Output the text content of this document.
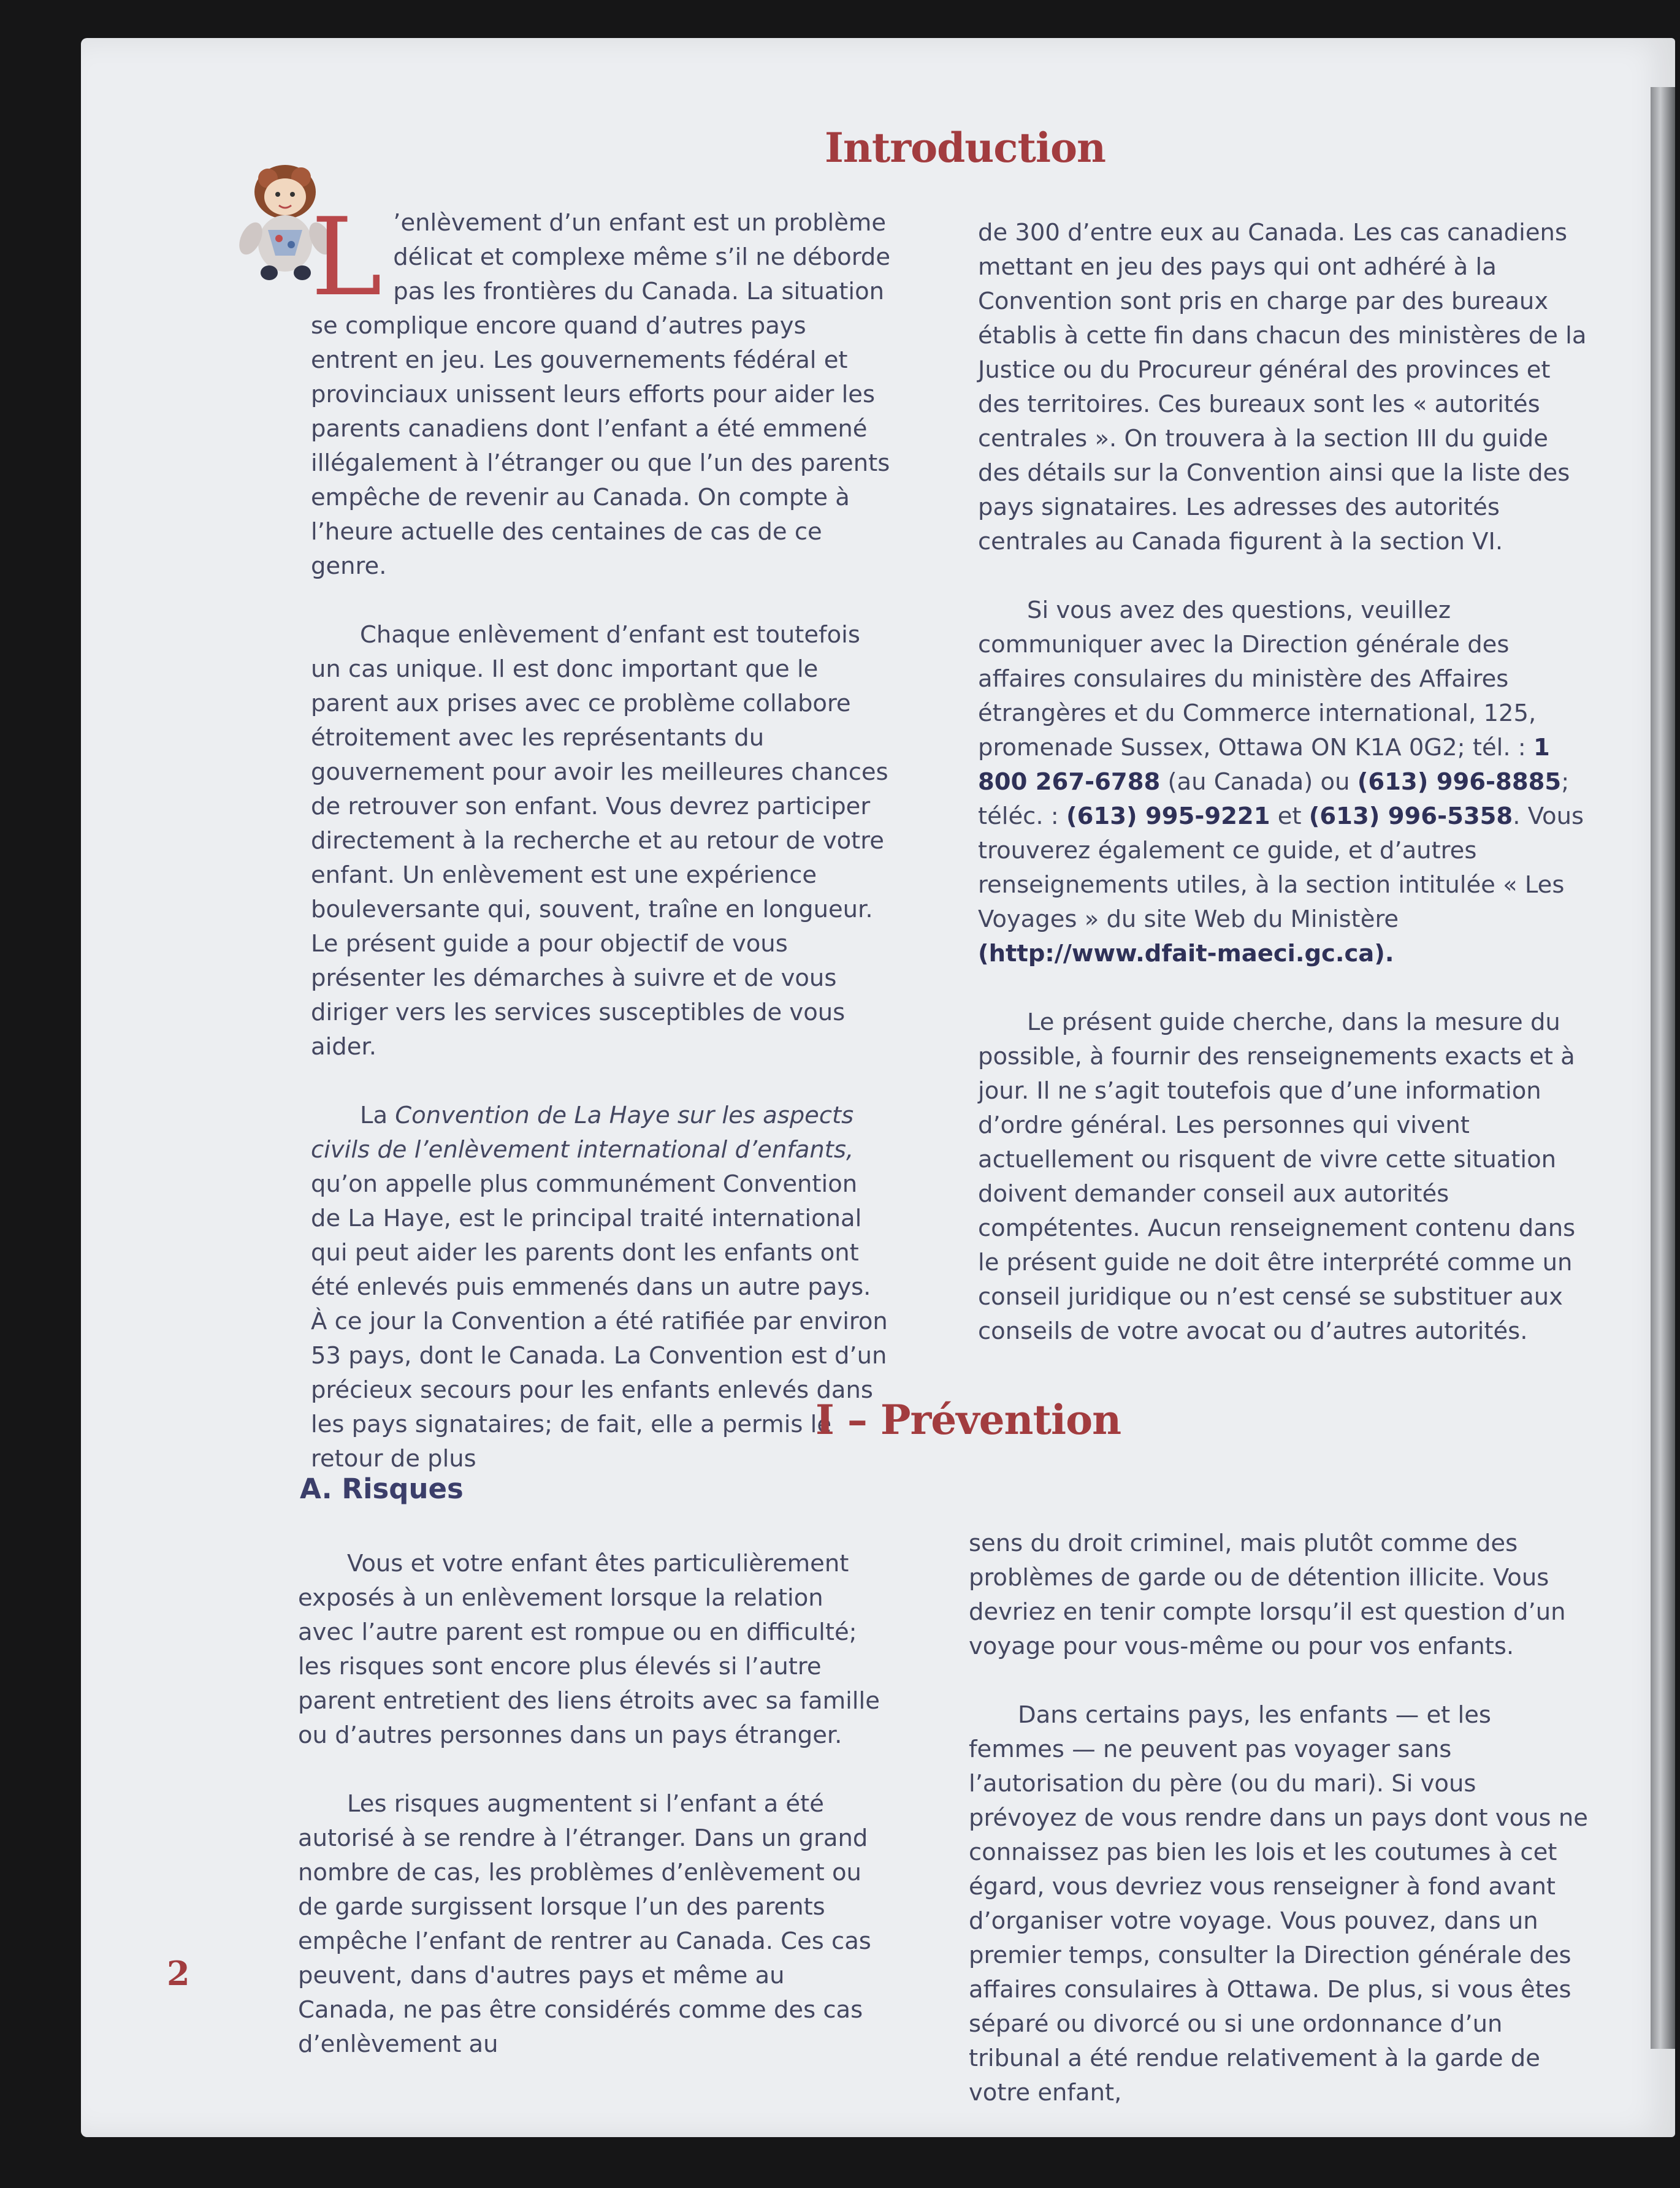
Introduction

L ’enlèvement d’un enfant est un problème délicat et complexe même s’il ne déborde pas les frontières du Canada. La situation se complique encore quand d’autres pays entrent en jeu. Les gouvernements fédéral et provinciaux unissent leurs efforts pour aider les parents canadiens dont l’enfant a été emmené illégalement à l’étranger ou que l’un des parents empêche de revenir au Canada. On compte à l’heure actuelle des centaines de cas de ce genre.

Chaque enlèvement d’enfant est toutefois un cas unique. Il est donc important que le parent aux prises avec ce problème collabore étroitement avec les représentants du gouvernement pour avoir les meilleures chances de retrouver son enfant. Vous devrez participer directement à la recherche et au retour de votre enfant. Un enlèvement est une expérience bouleversante qui, souvent, traîne en longueur. Le présent guide a pour objectif de vous présenter les démarches à suivre et de vous diriger vers les services susceptibles de vous aider.

La Convention de La Haye sur les aspects civils de l’enlèvement international d’enfants, qu’on appelle plus communément Convention de La Haye, est le principal traité international qui peut aider les parents dont les enfants ont été enlevés puis emmenés dans un autre pays. À ce jour la Convention a été ratifiée par environ 53 pays, dont le Canada. La Convention est d’un précieux secours pour les enfants enlevés dans les pays signataires; de fait, elle a permis le retour de plus

de 300 d’entre eux au Canada. Les cas canadiens mettant en jeu des pays qui ont adhéré à la Convention sont pris en charge par des bureaux établis à cette fin dans chacun des ministères de la Justice ou du Procureur général des provinces et des territoires. Ces bureaux sont les « autorités centrales ». On trouvera à la section III du guide des détails sur la Convention ainsi que la liste des pays signataires. Les adresses des autorités centrales au Canada figurent à la section VI.

Si vous avez des questions, veuillez communiquer avec la Direction générale des affaires consulaires du ministère des Affaires étrangères et du Commerce international, 125, promenade Sussex, Ottawa ON K1A 0G2; tél. : 1 800 267-6788 (au Canada) ou (613) 996-8885; téléc. : (613) 995-9221 et (613) 996-5358. Vous trouverez également ce guide, et d’autres renseignements utiles, à la section intitulée « Les Voyages » du site Web du Ministère (http://www.dfait-maeci.gc.ca).

Le présent guide cherche, dans la mesure du possible, à fournir des renseignements exacts et à jour. Il ne s’agit toutefois que d’une information d’ordre général. Les personnes qui vivent actuellement ou risquent de vivre cette situation doivent demander conseil aux autorités compétentes. Aucun renseignement contenu dans le présent guide ne doit être interprété comme un conseil juridique ou n’est censé se substituer aux conseils de votre avocat ou d’autres autorités.

I – Prévention
A. Risques

Vous et votre enfant êtes particulièrement exposés à un enlèvement lorsque la relation avec l’autre parent est rompue ou en difficulté; les risques sont encore plus élevés si l’autre parent entretient des liens étroits avec sa famille ou d’autres personnes dans un pays étranger.

Les risques augmentent si l’enfant a été autorisé à se rendre à l’étranger. Dans un grand nombre de cas, les problèmes d’enlèvement ou de garde surgissent lorsque l’un des parents empêche l’enfant de rentrer au Canada. Ces cas peuvent, dans d'autres pays et même au Canada, ne pas être considérés comme des cas d’enlèvement au

sens du droit criminel, mais plutôt comme des problèmes de garde ou de détention illicite. Vous devriez en tenir compte lorsqu’il est question d’un voyage pour vous-même ou pour vos enfants.

Dans certains pays, les enfants — et les femmes — ne peuvent pas voyager sans l’autorisation du père (ou du mari). Si vous prévoyez de vous rendre dans un pays dont vous ne connaissez pas bien les lois et les coutumes à cet égard, vous devriez vous renseigner à fond avant d’organiser votre voyage. Vous pouvez, dans un premier temps, consulter la Direction générale des affaires consulaires à Ottawa. De plus, si vous êtes séparé ou divorcé ou si une ordonnance d’un tribunal a été rendue relativement à la garde de votre enfant,

2
